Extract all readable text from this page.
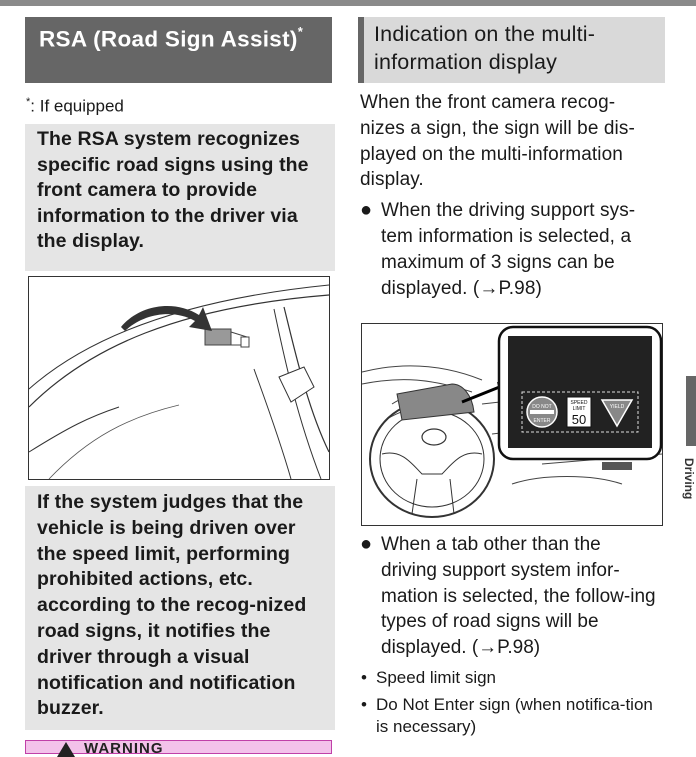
RSA (Road Sign Assist)*	Indication on the multi-information display
*: If equipped
The RSA system recognizes specific road signs using the front camera to provide information to the driver via the display.
If the system judges that the vehicle is being driven over the speed limit, performing prohibited actions, etc. according to the recog-nized road signs, it notifies the driver through a visual notification and notification buzzer.
WARNING

When the front camera recog-nizes a sign, the sign will be dis-played on the multi-information display.

● When the driving support sys-tem information is selected, a maximum of 3 signs can be displayed. (→P.98)

DO NOT
ENTER
SPEED
LIMIT
50
YIELD

● When a tab other than the driving support system infor-mation is selected, the follow-ing types of road signs will be displayed. (→P.98)

• Speed limit sign
• Do Not Enter sign (when notifica-tion is necessary)
Driving
